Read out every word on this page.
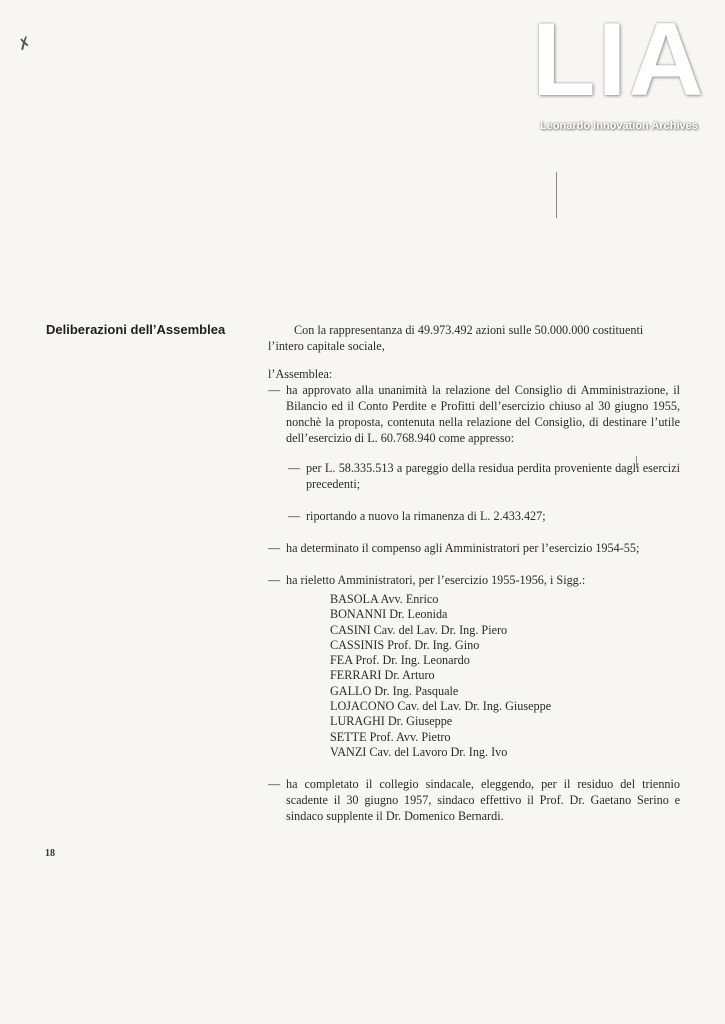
LIA
Leonardo Innovation Archives
✗
Deliberazioni dell’Assemblea	Con la rappresentanza di 49.973.492 azioni sulle 50.000.000 costituenti l’intero capitale sociale,

l’Assemblea:

— ha approvato alla unanimità la relazione del Consiglio di Amministrazione, il Bilancio ed il Conto Perdite e Profitti dell’esercizio chiuso al 30 giugno 1955, nonchè la proposta, contenuta nella relazione del Consiglio, di destinare l’utile dell’esercizio di L. 60.768.940 come appresso:
— per L. 58.335.513 a pareggio della residua perdita proveniente dagli esercizi precedenti;
— riportando a nuovo la rimanenza di L. 2.433.427;
— ha determinato il compenso agli Amministratori per l’esercizio 1954-55;
— ha rieletto Amministratori, per l’esercizio 1955-1956, i Sigg.:
BASOLA Avv. Enrico
BONANNI Dr. Leonida
CASINI Cav. del Lav. Dr. Ing. Piero
CASSINIS Prof. Dr. Ing. Gino
FEA Prof. Dr. Ing. Leonardo
FERRARI Dr. Arturo
GALLO Dr. Ing. Pasquale
LOJACONO Cav. del Lav. Dr. Ing. Giuseppe
LURAGHI Dr. Giuseppe
SETTE Prof. Avv. Pietro
VANZI Cav. del Lavoro Dr. Ing. Ivo
— ha completato il collegio sindacale, eleggendo, per il residuo del triennio scadente il 30 giugno 1957, sindaco effettivo il Prof. Dr. Gaetano Serino e sindaco supplente il Dr. Domenico Bernardi.
18
